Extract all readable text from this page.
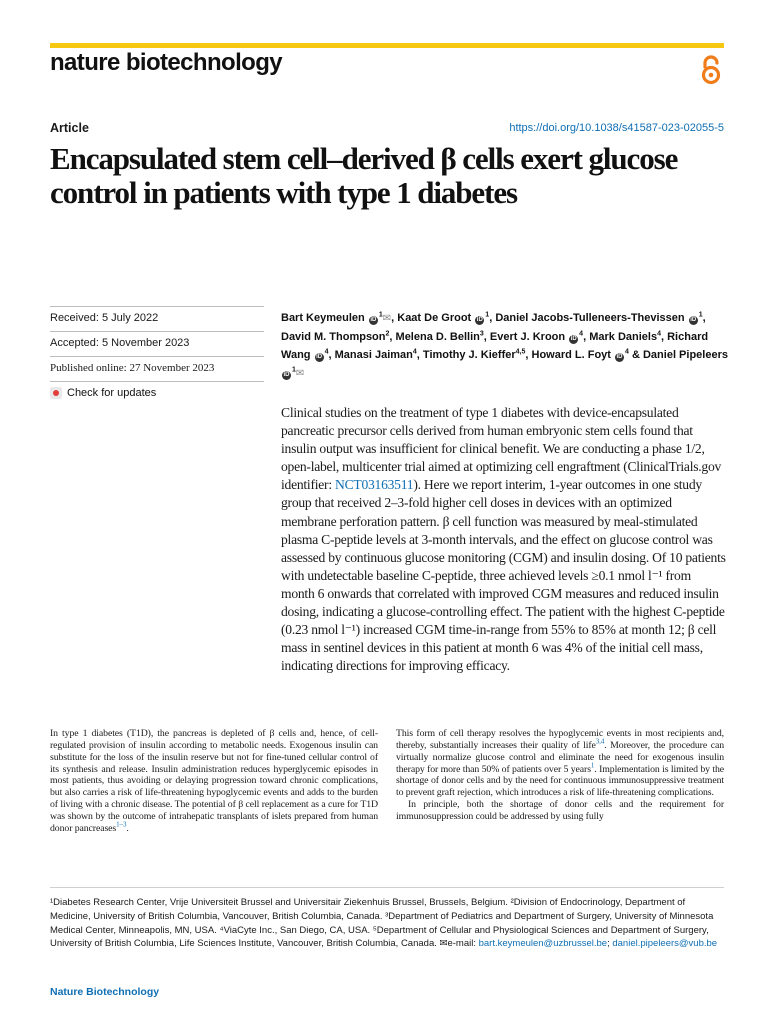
nature biotechnology
Article	https://doi.org/10.1038/s41587-023-02055-5
Encapsulated stem cell–derived β cells exert glucose control in patients with type 1 diabetes
Received: 5 July 2022
Accepted: 5 November 2023
Published online: 27 November 2023
Check for updates
Bart Keymeulen $iD^1✉$, Kaat De Groot $iD^1$, Daniel Jacobs-Tulleneers-Thevissen $iD^1$, David M. Thompson$^2$, Melena D. Bellin$^3$, Evert J. Kroon $iD^4$, Mark Daniels$^4$, Richard Wang $iD^4$, Manasi Jaiman$^4$, Timothy J. Kieffer$^{4,5}$, Howard L. Foyt $iD^4$ & Daniel Pipeleers $iD^1✉$

Clinical studies on the treatment of type 1 diabetes with device-encapsulated pancreatic precursor cells derived from human embryonic stem cells found that insulin output was insufficient for clinical benefit. We are conducting a phase 1/2, open-label, multicenter trial aimed at optimizing cell engraftment (ClinicalTrials.gov identifier: NCT03163511). Here we report interim, 1-year outcomes in one study group that received 2–3-fold higher cell doses in devices with an optimized membrane perforation pattern. β cell function was measured by meal-stimulated plasma C-peptide levels at 3-month intervals, and the effect on glucose control was assessed by continuous glucose monitoring (CGM) and insulin dosing. Of 10 patients with undetectable baseline C-peptide, three achieved levels ≥0.1 nmol l⁻¹ from month 6 onwards that correlated with improved CGM measures and reduced insulin dosing, indicating a glucose-controlling effect. The patient with the highest C-peptide (0.23 nmol l⁻¹) increased CGM time-in-range from 55% to 85% at month 12; β cell mass in sentinel devices in this patient at month 6 was 4% of the initial cell mass, indicating directions for improving efficacy.

In type 1 diabetes (T1D), the pancreas is depleted of β cells and, hence, of cell-regulated provision of insulin according to metabolic needs. Exogenous insulin can substitute for the loss of the insulin reserve but not for fine-tuned cellular control of its synthesis and release. Insulin administration reduces hyperglycemic episodes in most patients, thus avoiding or delaying progression toward chronic complications, but also carries a risk of life-threatening hypoglycemic events and adds to the burden of living with a chronic disease. The potential of β cell replacement as a cure for T1D was shown by the outcome of intrahepatic transplants of islets prepared from human donor pancreases$^{1-3}$.

This form of cell therapy resolves the hypoglycemic events in most recipients and, thereby, substantially increases their quality of life$^{3,4}$. Moreover, the procedure can virtually normalize glucose control and eliminate the need for exogenous insulin therapy for more than 50% of patients over 5 years$^1$. Implementation is limited by the shortage of donor cells and by the need for continuous immunosuppressive treatment to prevent graft rejection, which introduces a risk of life-threatening complications.

In principle, both the shortage of donor cells and the requirement for immunosuppression could be addressed by using fully

¹Diabetes Research Center, Vrije Universiteit Brussel and Universitair Ziekenhuis Brussel, Brussels, Belgium. ²Division of Endocrinology, Department of Medicine, University of British Columbia, Vancouver, British Columbia, Canada. ³Department of Pediatrics and Department of Surgery, University of Minnesota Medical Center, Minneapolis, MN, USA. ⁴ViaCyte Inc., San Diego, CA, USA. ⁵Department of Cellular and Physiological Sciences and Department of Surgery, University of British Columbia, Life Sciences Institute, Vancouver, British Columbia, Canada. ✉e-mail: bart.keymeulen@uzbrussel.be; daniel.pipeleers@vub.be

Nature Biotechnology
